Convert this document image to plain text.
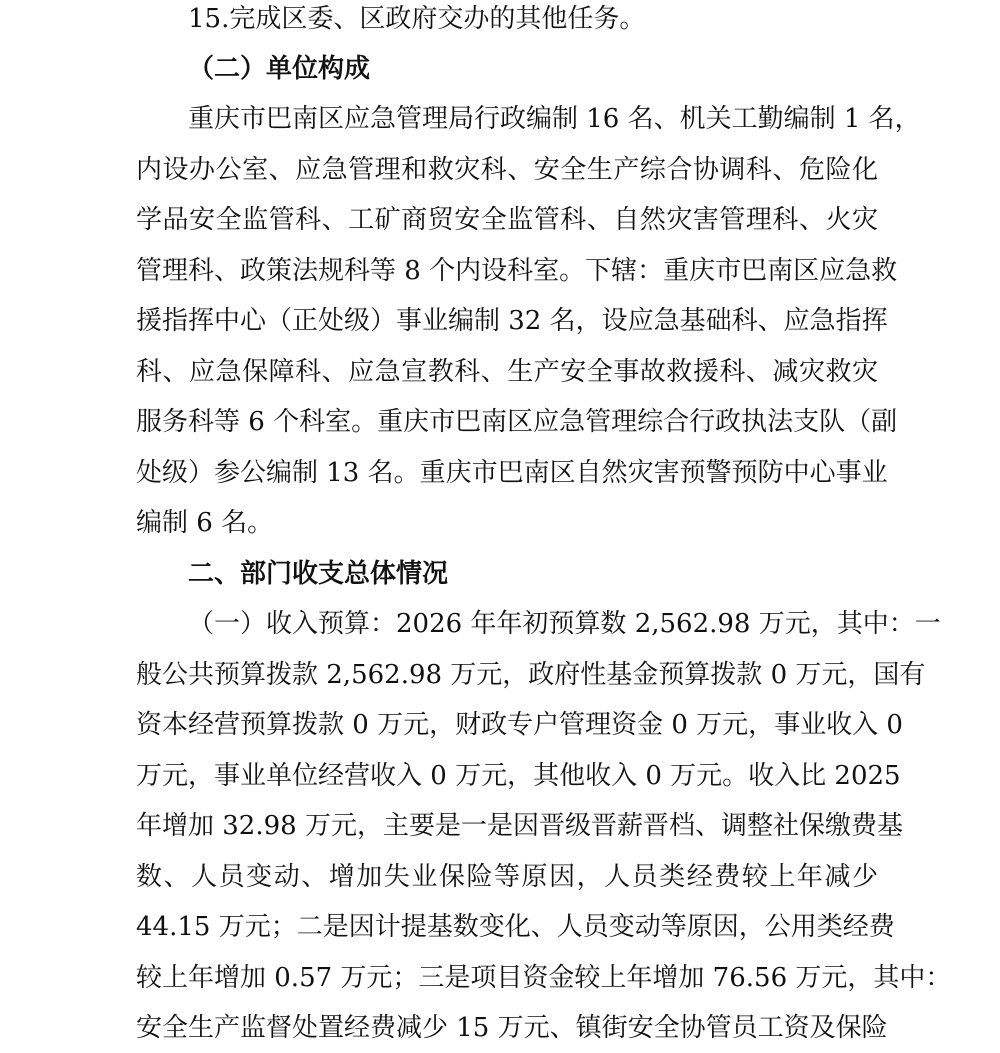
15.完成区委、区政府交办的其他任务。
（二）单位构成
重庆市巴南区应急管理局行政编制 16 名、机关工勤编制 1 名，
内设办公室、应急管理和救灾科、安全生产综合协调科、危险化
学品安全监管科、工矿商贸安全监管科、自然灾害管理科、火灾
管理科、政策法规科等 8 个内设科室。下辖：重庆市巴南区应急救
援指挥中心（正处级）事业编制 32 名，设应急基础科、应急指挥
科、应急保障科、应急宣教科、生产安全事故救援科、减灾救灾
服务科等 6 个科室。重庆市巴南区应急管理综合行政执法支队（副
处级）参公编制 13 名。重庆市巴南区自然灾害预警预防中心事业
编制 6 名。
二、部门收支总体情况
（一）收入预算：2026 年年初预算数 2,562.98 万元，其中：一
般公共预算拨款 2,562.98 万元，政府性基金预算拨款 0 万元，国有
资本经营预算拨款 0 万元，财政专户管理资金 0 万元，事业收入 0
万元，事业单位经营收入 0 万元，其他收入 0 万元。收入比 2025
年增加 32.98 万元，主要是一是因晋级晋薪晋档、调整社保缴费基
数、人员变动、增加失业保险等原因，人员类经费较上年减少
44.15 万元；二是因计提基数变化、人员变动等原因，公用类经费
较上年增加 0.57 万元；三是项目资金较上年增加 76.56 万元，其中：
安全生产监督处置经费减少 15 万元、镇街安全协管员工资及保险
